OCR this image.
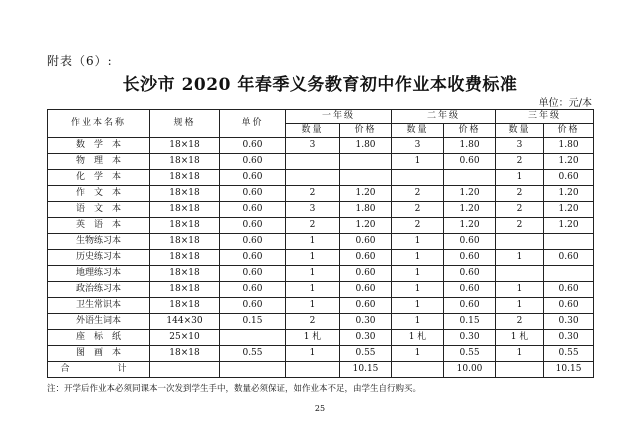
附表（6）:
长沙市 2020 年春季义务教育初中作业本收费标准
单位：元/本
作业本名称	规格	单价	一年级		二年级		三年级	
			数量	价格	数量	价格	数量	价格
数　学　本	18×18	0.60	3	1.80	3	1.80	3	1.80
物　理　本	18×18	0.60			1	0.60	2	1.20
化　学　本	18×18	0.60					1	0.60
作　文　本	18×18	0.60	2	1.20	2	1.20	2	1.20
语　文　本	18×18	0.60	3	1.80	2	1.20	2	1.20
英　语　本	18×18	0.60	2	1.20	2	1.20	2	1.20
生物练习本	18×18	0.60	1	0.60	1	0.60		
历史练习本	18×18	0.60	1	0.60	1	0.60	1	0.60
地理练习本	18×18	0.60	1	0.60	1	0.60		
政治练习本	18×18	0.60	1	0.60	1	0.60	1	0.60
卫生常识本	18×18	0.60	1	0.60	1	0.60	1	0.60
外语生词本	144×30	0.15	2	0.30	1	0.15	2	0.30
座　标　纸	25×10		1 札	0.30	1 札	0.30	1 札	0.30
图　画　本	18×18	0.55	1	0.55	1	0.55	1	0.55
合　　计				10.15		10.00		10.15
注：开学后作业本必须同课本一次发到学生手中，数量必须保证，如作业本不足，由学生自行购买。
25
